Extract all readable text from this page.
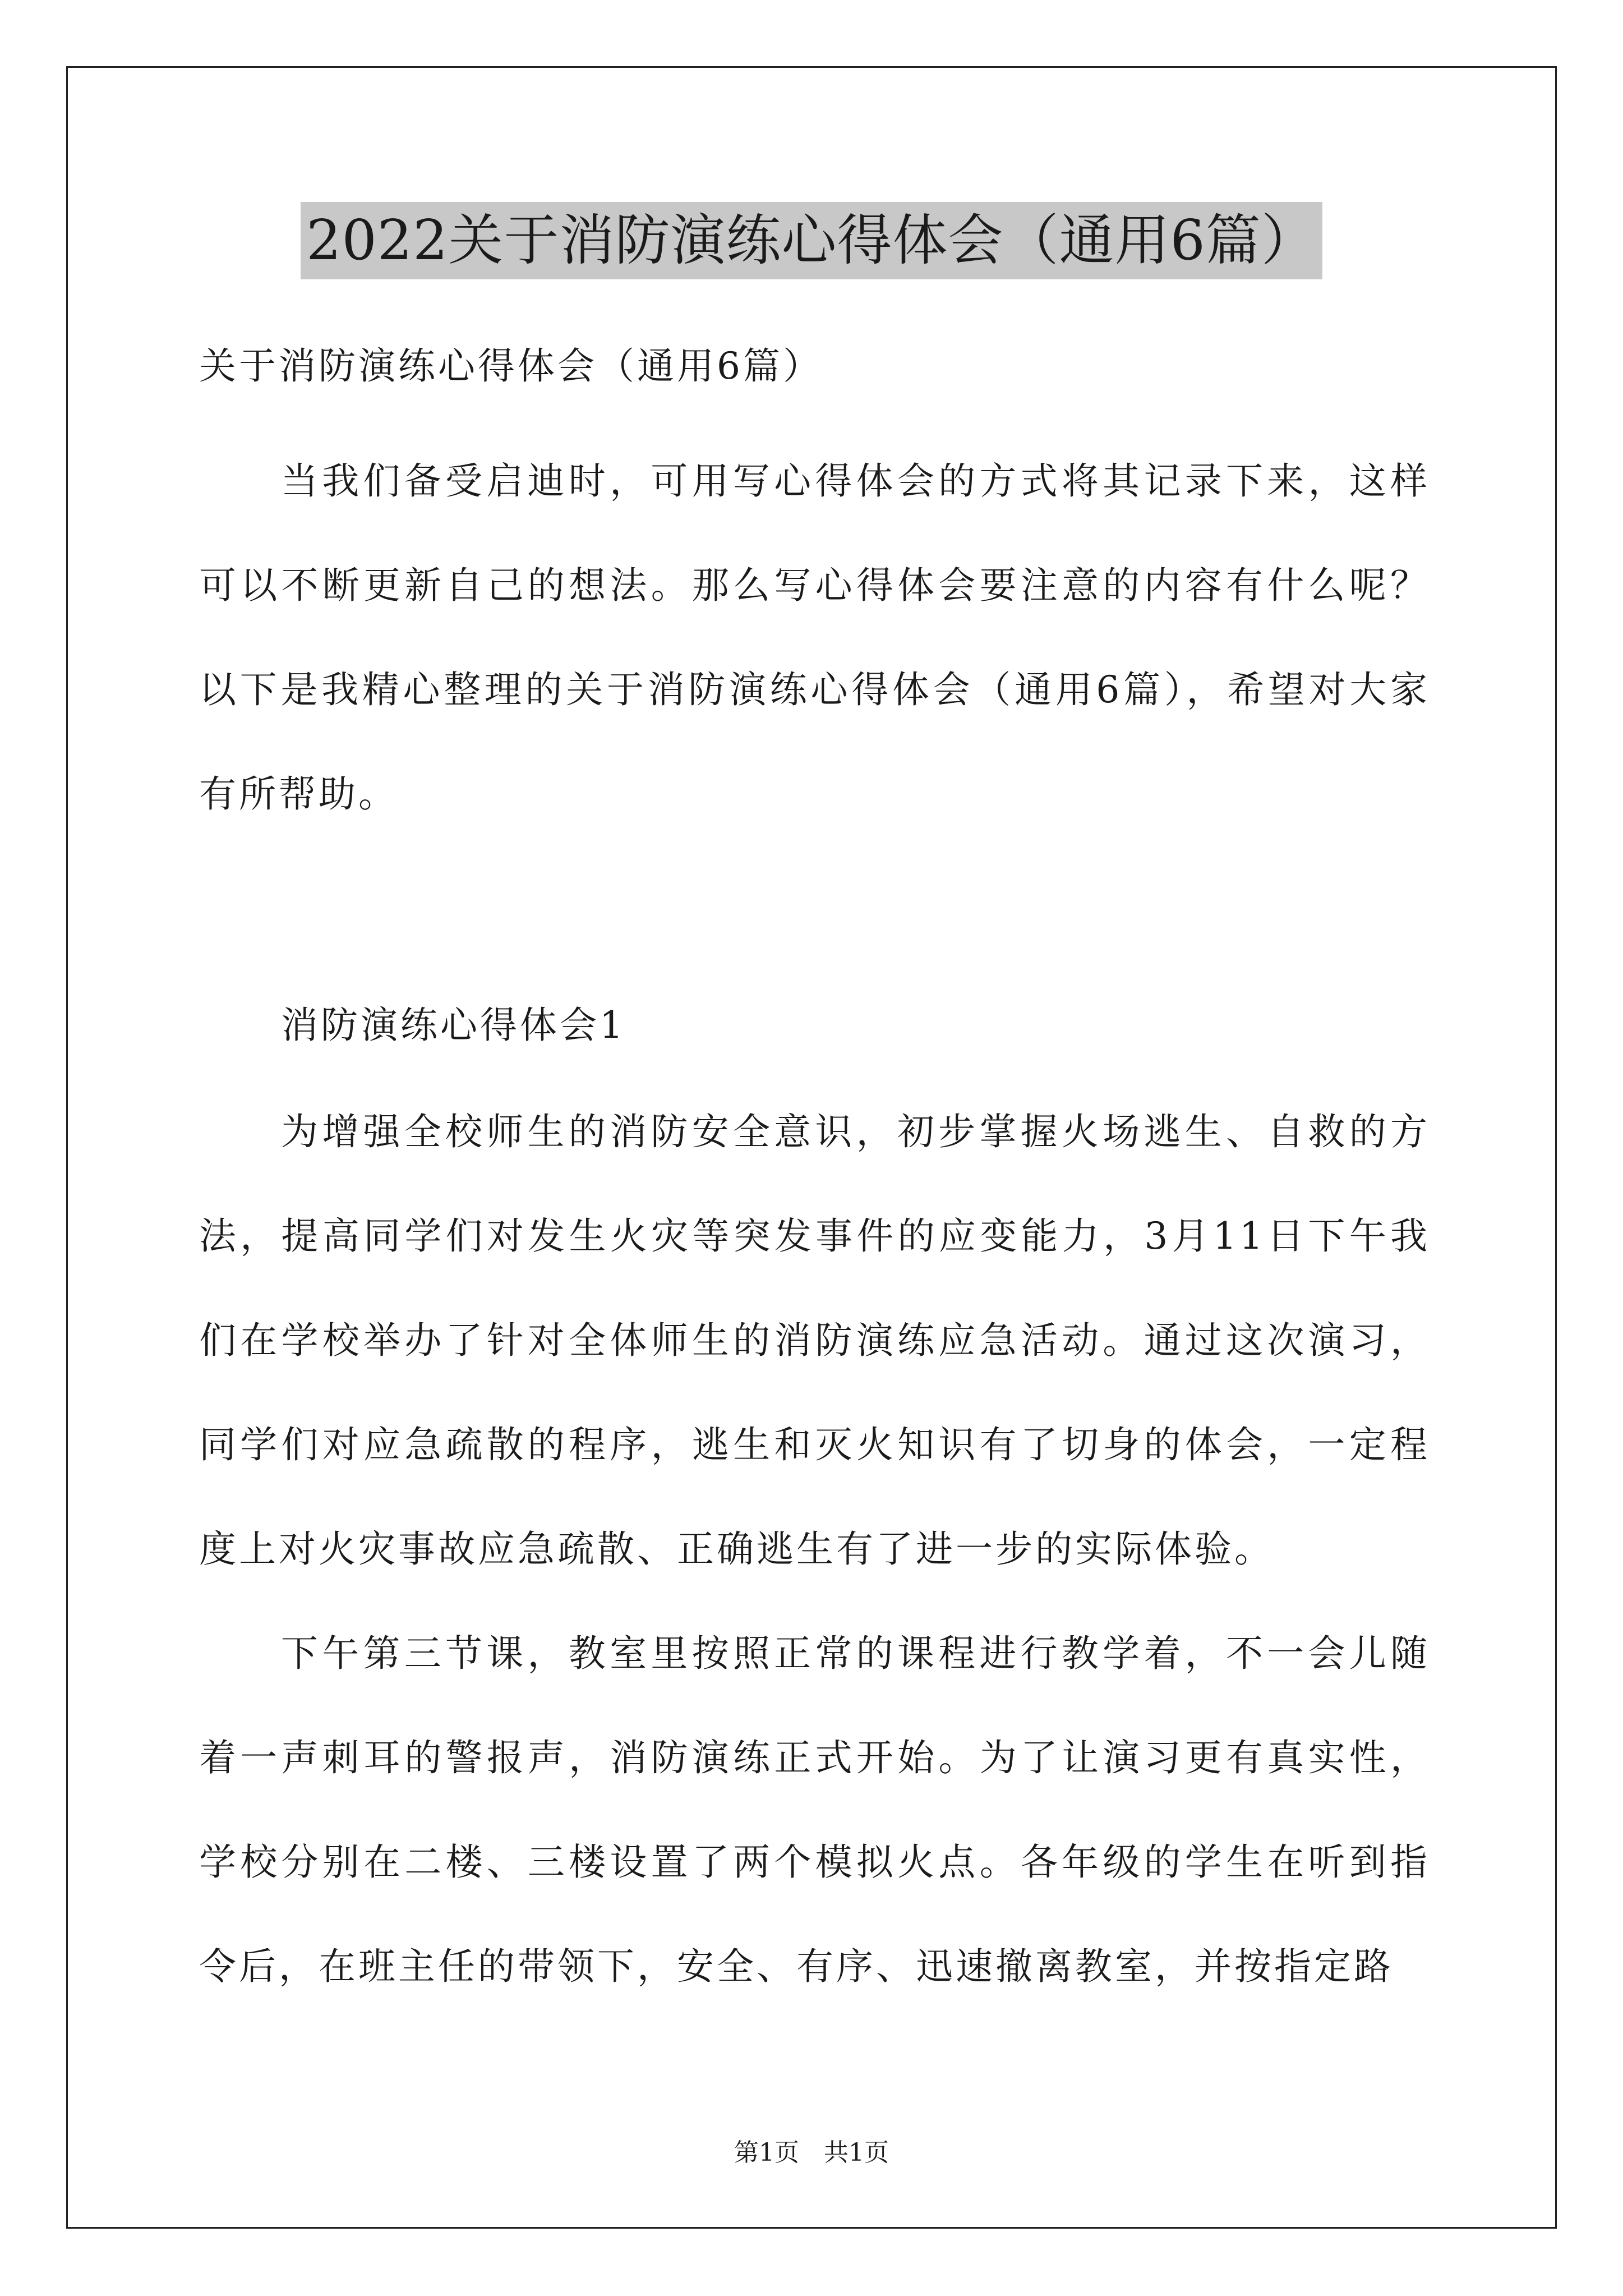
2022关于消防演练心得体会（通用6篇）
关于消防演练心得体会（通用6篇）
当我们备受启迪时，可用写心得体会的方式将其记录下来，这样可以不断更新自己的想法。那么写心得体会要注意的内容有什么呢？以下是我精心整理的关于消防演练心得体会（通用6篇），希望对大家有所帮助。
消防演练心得体会1
为增强全校师生的消防安全意识，初步掌握火场逃生、自救的方法，提高同学们对发生火灾等突发事件的应变能力，3月11日下午我们在学校举办了针对全体师生的消防演练应急活动。通过这次演习，同学们对应急疏散的程序，逃生和灭火知识有了切身的体会，一定程度上对火灾事故应急疏散、正确逃生有了进一步的实际体验。
下午第三节课，教室里按照正常的课程进行教学着，不一会儿随着一声刺耳的警报声，消防演练正式开始。为了让演习更有真实性，学校分别在二楼、三楼设置了两个模拟火点。各年级的学生在听到指令后，在班主任的带领下，安全、有序、迅速撤离教室，并按指定路
第1页 共1页
